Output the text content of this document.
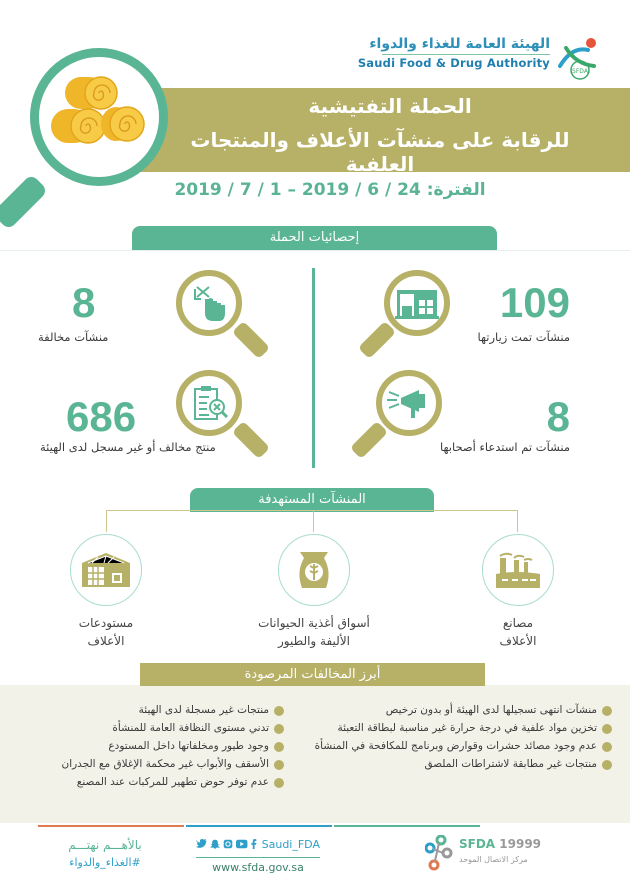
الهيئة العامة للغذاء والدواء
Saudi Food & Drug Authority
SFDA
الحملة التفتيشية
للرقابة على منشآت الأعلاف والمنتجات العلفية
الفترة: 24 / 6 / 2019 – 1 / 7 / 2019
إحصائيات الحملة
109
منشآت تمت زيارتها
8
منشآت مخالفة
8
منشآت تم استدعاء أصحابها
686
منتج مخالف أو غير مسجل لدى الهيئة
المنشآت المستهدفة
مصانع
الأعلاف
أسواق أغذية الحيوانات
الأليفة والطيور
مستودعات
الأعلاف
أبرز المخالفات المرصودة
منشآت انتهى تسجيلها لدى الهيئة أو بدون ترخيص
تخزين مواد علفية في درجة حرارة غير مناسبة لبطاقة التعبئة
عدم وجود مصائد حشرات وقوارض وبرنامج للمكافحة في المنشأة
منتجات غير مطابقة لاشتراطات الملصق
منتجات غير مسجلة لدى الهيئة
تدني مستوى النظافة العامة للمنشأة
وجود طيور ومخلفاتها داخل المستودع
الأسقف والأبواب غير محكمة الإغلاق مع الجدران
عدم توفر حوض تطهير للمركبات عند المصنع
بالأهـــم نهتـــم
#الغذاء_والدواء
Saudi_FDA
www.sfda.gov.sa
SFDA 19999
مركز الاتصال الموحد
